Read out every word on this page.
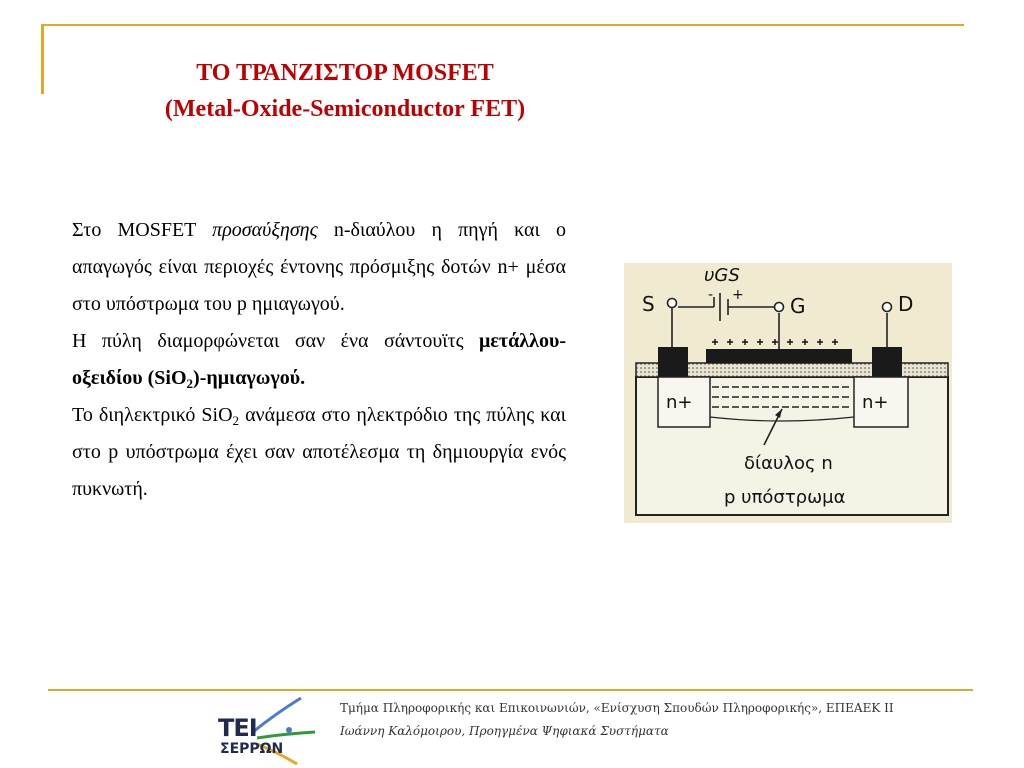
ΤΟ ΤΡΑΝΖΙΣΤΟΡ MOSFET
(Metal-Oxide-Semiconductor FET)

Στο MOSFET προσαύξησης n-διαύλου η πηγή και ο απαγωγός είναι περιοχές έντονης πρόσμιξης δοτών n+ μέσα στο υπόστρωμα του p ημιαγωγού.

Η πύλη διαμορφώνεται σαν ένα σάντουϊτς μετάλλου-οξειδίου (SiO$_2$)-ημιαγωγού.

Το διηλεκτρικό SiO$_2$ ανάμεσα στο ηλεκτρόδιο της πύλης και στο p υπόστρωμα έχει σαν αποτέλεσμα τη δημιουργία ενός πυκνωτή.

υGS
- +
S	G	D
n+	n+
δίαυλος n
p υπόστρωμα
ΤΕΙ
ΣΕΡΡΩΝ
Τμήμα Πληροφορικής και Επικοινωνιών, «Ενίσχυση Σπουδών Πληροφορικής», ΕΠΕΑΕΚ ΙΙ
Ιωάννη Καλόμοιρου, Προηγμένα Ψηφιακά Συστήματα
